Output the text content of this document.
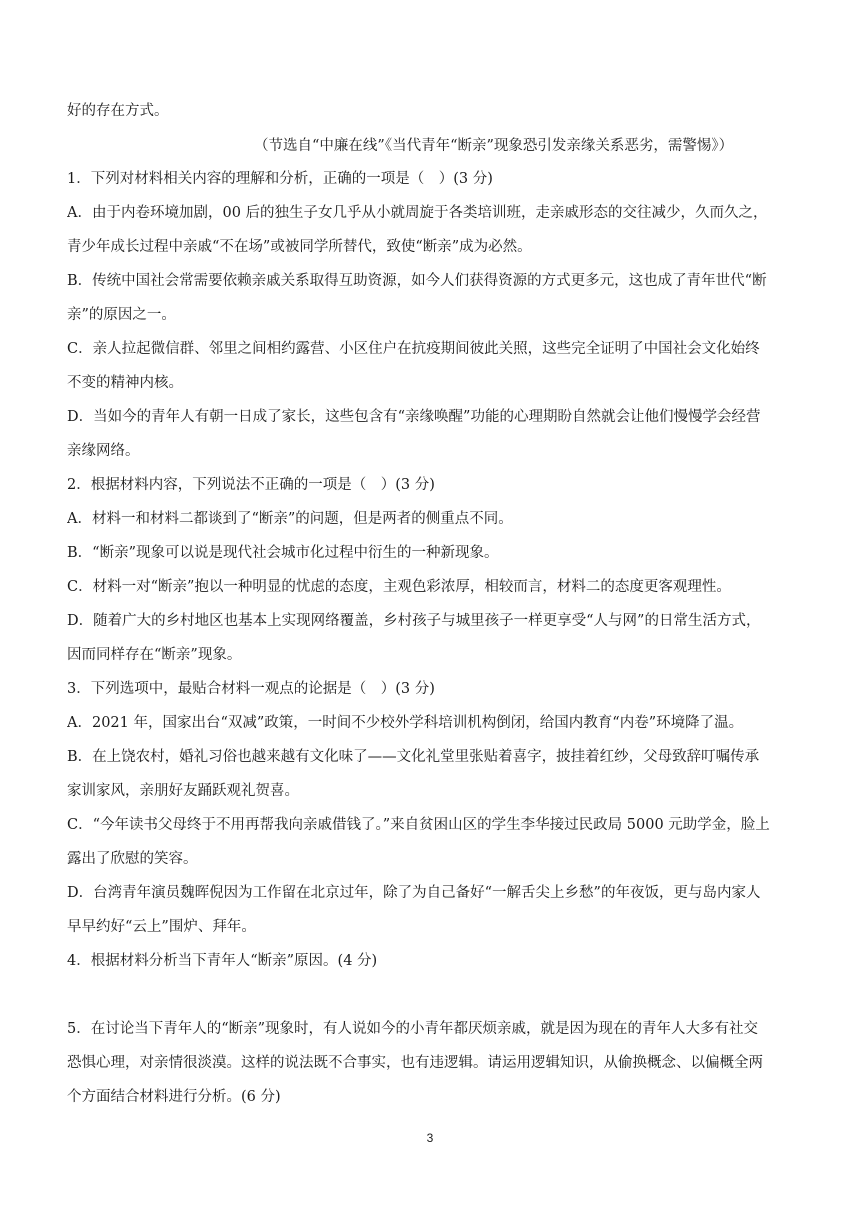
好的存在方式。
（节选自“中廉在线”《当代青年“断亲”现象恐引发亲缘关系恶劣，需警惕》）
1．下列对材料相关内容的理解和分析，正确的一项是（　）(3 分)
A．由于内卷环境加剧，00 后的独生子女几乎从小就周旋于各类培训班，走亲戚形态的交往减少，久而久之，
青少年成长过程中亲戚“不在场”或被同学所替代，致使“断亲”成为必然。
B．传统中国社会常需要依赖亲戚关系取得互助资源，如今人们获得资源的方式更多元，这也成了青年世代“断
亲”的原因之一。
C．亲人拉起微信群、邻里之间相约露营、小区住户在抗疫期间彼此关照，这些完全证明了中国社会文化始终
不变的精神内核。
D．当如今的青年人有朝一日成了家长，这些包含有“亲缘唤醒”功能的心理期盼自然就会让他们慢慢学会经营
亲缘网络。
2．根据材料内容，下列说法不正确的一项是（　）(3 分)
A．材料一和材料二都谈到了“断亲”的问题，但是两者的侧重点不同。
B．“断亲”现象可以说是现代社会城市化过程中衍生的一种新现象。
C．材料一对“断亲”抱以一种明显的忧虑的态度，主观色彩浓厚，相较而言，材料二的态度更客观理性。
D．随着广大的乡村地区也基本上实现网络覆盖，乡村孩子与城里孩子一样更享受“人与网”的日常生活方式，
因而同样存在“断亲”现象。
3．下列选项中，最贴合材料一观点的论据是（　）(3 分)
A．2021 年，国家出台“双减”政策，一时间不少校外学科培训机构倒闭，给国内教育“内卷”环境降了温。
B．在上饶农村，婚礼习俗也越来越有文化味了——文化礼堂里张贴着喜字，披挂着红纱，父母致辞叮嘱传承
家训家风，亲朋好友踊跃观礼贺喜。
C．“今年读书父母终于不用再帮我向亲戚借钱了。”来自贫困山区的学生李华接过民政局 5000 元助学金，脸上
露出了欣慰的笑容。
D．台湾青年演员魏晖倪因为工作留在北京过年，除了为自己备好“一解舌尖上乡愁”的年夜饭，更与岛内家人
早早约好“云上”围炉、拜年。
4．根据材料分析当下青年人“断亲”原因。(4 分)
5．在讨论当下青年人的“断亲”现象时，有人说如今的小青年都厌烦亲戚，就是因为现在的青年人大多有社交
恐惧心理，对亲情很淡漠。这样的说法既不合事实，也有违逻辑。请运用逻辑知识，从偷换概念、以偏概全两
个方面结合材料进行分析。(6 分)
3
